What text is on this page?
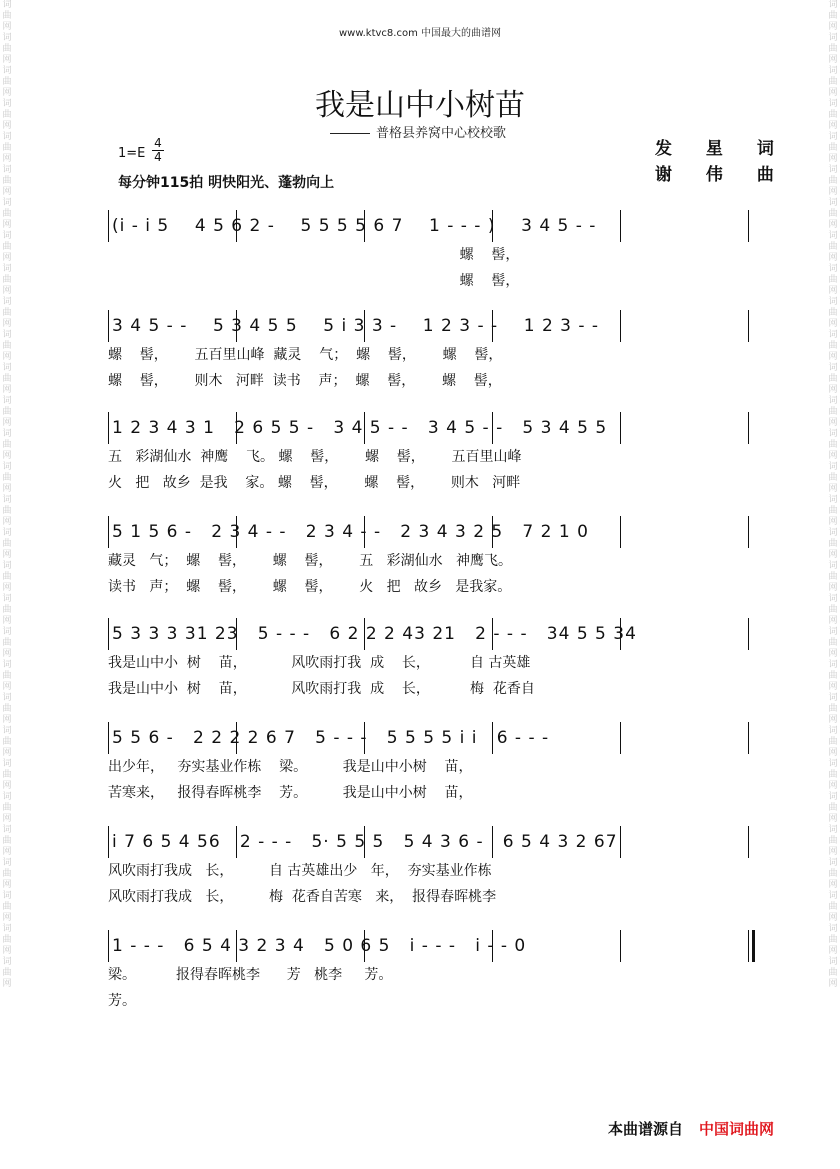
词曲网词曲网词曲网词曲网词曲网词曲网词曲网词曲网词曲网词曲网词曲网词曲网词曲网词曲网词曲网词曲网词曲网词曲网词曲网词曲网词曲网词曲网词曲网词曲网词曲网词曲网词曲网词曲网词曲网词曲网
词曲网词曲网词曲网词曲网词曲网词曲网词曲网词曲网词曲网词曲网词曲网词曲网词曲网词曲网词曲网词曲网词曲网词曲网词曲网词曲网词曲网词曲网词曲网词曲网词曲网词曲网词曲网词曲网词曲网词曲网
www.ktvc8.com 中国最大的曲谱网
我是山中小树苗
普格县养窝中心校校歌
发 星 词
谢 伟 曲
1=E
4
4
每分钟115拍 明快阳光、蓬勃向上
(i̇ - i̇ 5    4 5 6 2 -    5 5 5 5 6 7    1 - - - )    3 4 5 - -
螺    髻，
螺    髻，
3 4 5 - -    5 3 4 5 5    5 i̇ 3 3 -    1 2 3 - -    1 2 3 - -
螺    髻，      五百里山峰  藏灵    气；  螺    髻，      螺    髻，
螺    髻，      则木   河畔  读书    声；  螺    髻，      螺    髻，
1 2 3 4 3 1   2 6 5 5 -   3 4 5 - -   3 4 5 - -   5 3 4 5 5
五   彩湖仙水  神鹰    飞。 螺    髻，      螺    髻，      五百里山峰
火   把   故乡  是我    家。 螺    髻，      螺    髻，      则木   河畔
5 1 5 6 -   2 3 4 - -   2 3 4 - -   2 3 4 3 2 5   7 2 1 0
藏灵   气；  螺    髻，      螺    髻，      五   彩湖仙水   神鹰飞。
读书   声；  螺    髻，      螺    髻，      火   把   故乡   是我家。
5 3 3 3 31 23   5 - - -   6 2 2 2 43 21   2 - - -   34 5 5 34
我是山中小  树    苗，          风吹雨打我  成    长，         自 古英雄
我是山中小  树    苗，          风吹雨打我  成    长，         梅  花香自
5 5 6 -   2 2 2 2 6 7   5 - - -   5 5 5 5 i̇ i̇   6 - - -
出少年，   夯实基业作栋    梁。        我是山中小树    苗，
苦寒来，   报得春晖桃李    芳。        我是山中小树    苗，
i̇ 7 6 5 4 56   2 - - -   5· 5 5 5   5 4 3 6 -   6 5 4 3 2 67
风吹雨打我成   长，        自 古英雄出少   年，  夯实基业作栋
风吹雨打我成   长，        梅  花香自苦寒   来，  报得春晖桃李
1 - - -   6 5 4 3 2 3 4   5 0 6 5   i̇ - - -   i̇ - - 0
梁。         报得春晖桃李      芳   桃李     芳。
芳。
本曲谱源自 中国词曲网
